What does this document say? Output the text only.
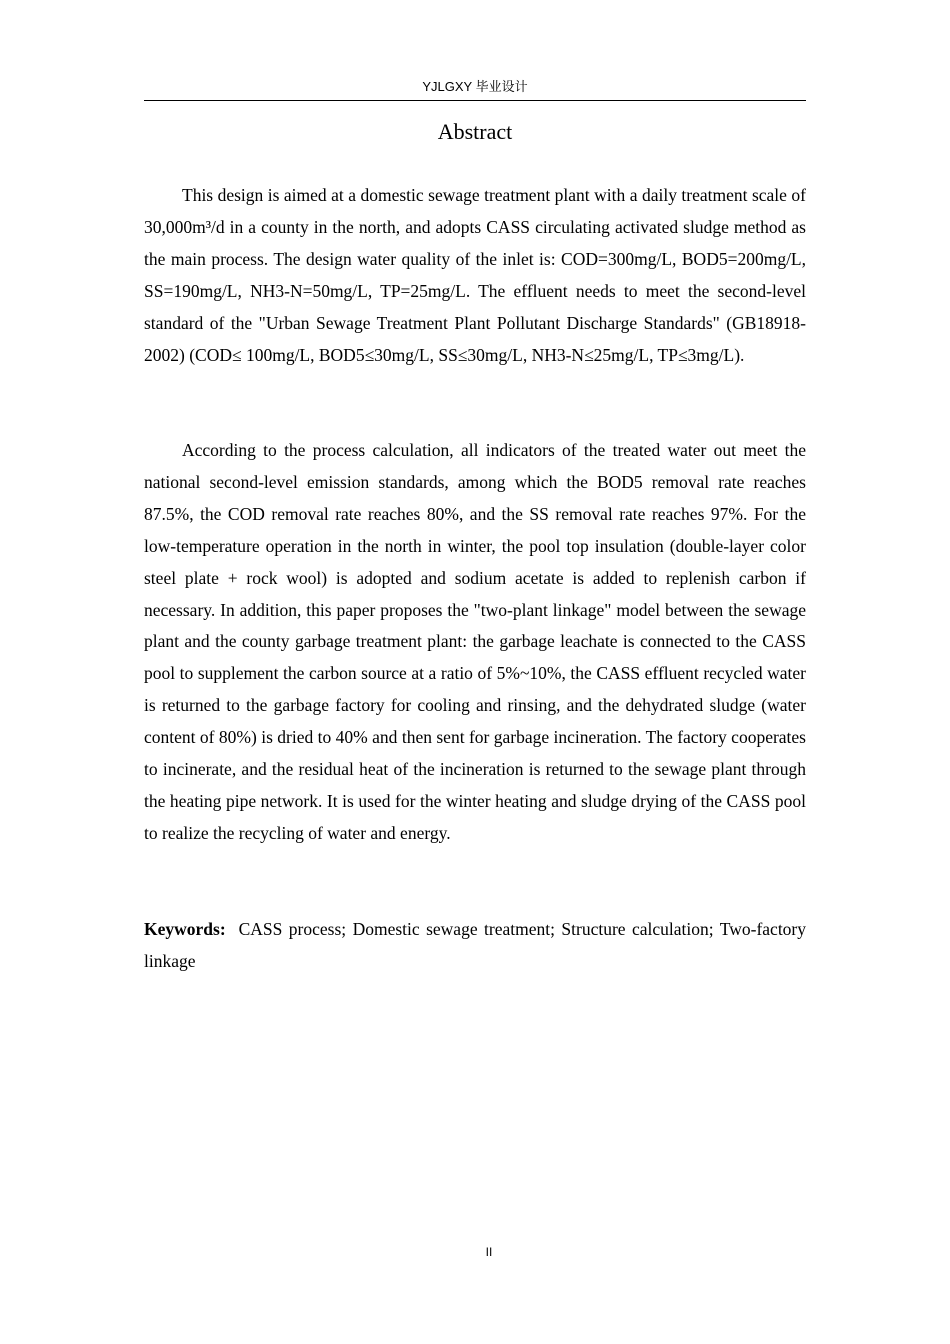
YJLGXY 毕业设计
Abstract

This design is aimed at a domestic sewage treatment plant with a daily treatment scale of 30,000m³/d in a county in the north, and adopts CASS circulating activated sludge method as the main process. The design water quality of the inlet is: COD=300mg/L, BOD5=200mg/L, SS=190mg/L, NH3-N=50mg/L, TP=25mg/L. The effluent needs to meet the second-level standard of the "Urban Sewage Treatment Plant Pollutant Discharge Standards" (GB18918-2002) (COD≤ 100mg/L, BOD5≤30mg/L, SS≤30mg/L, NH3-N≤25mg/L, TP≤3mg/L).

According to the process calculation, all indicators of the treated water out meet the national second-level emission standards, among which the BOD5 removal rate reaches 87.5%, the COD removal rate reaches 80%, and the SS removal rate reaches 97%. For the low-temperature operation in the north in winter, the pool top insulation (double-layer color steel plate + rock wool) is adopted and sodium acetate is added to replenish carbon if necessary. In addition, this paper proposes the "two-plant linkage" model between the sewage plant and the county garbage treatment plant: the garbage leachate is connected to the CASS pool to supplement the carbon source at a ratio of 5%~10%, the CASS effluent recycled water is returned to the garbage factory for cooling and rinsing, and the dehydrated sludge (water content of 80%) is dried to 40% and then sent for garbage incineration. The factory cooperates to incinerate, and the residual heat of the incineration is returned to the sewage plant through the heating pipe network. It is used for the winter heating and sludge drying of the CASS pool to realize the recycling of water and energy.

Keywords: CASS process; Domestic sewage treatment; Structure calculation; Two-factory linkage

II
